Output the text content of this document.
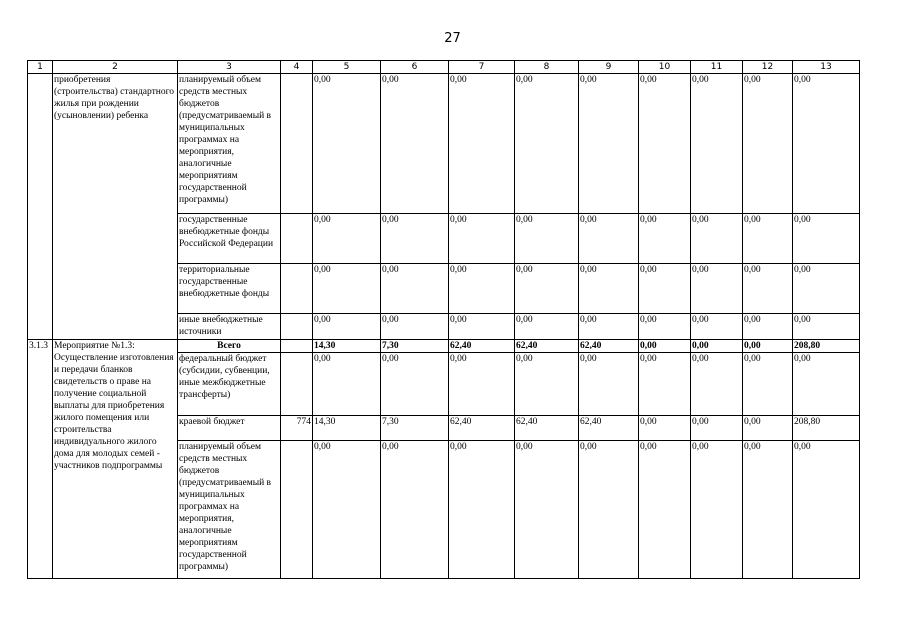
27
1	2	3	4	5	6	7	8	9	10	11	12	13
	приобретения (строительства) стандартного жилья при рождении (усыновлении) ребенка	планируемый объем средств местных бюджетов (предусматриваемый в муниципальных программах на мероприятия, аналогичные мероприятиям государственной программы)		0,00	0,00	0,00	0,00	0,00	0,00	0,00	0,00	0,00
		государственные внебюджетные фонды Российской Федерации		0,00	0,00	0,00	0,00	0,00	0,00	0,00	0,00	0,00
		территориальные государственные внебюджетные фонды		0,00	0,00	0,00	0,00	0,00	0,00	0,00	0,00	0,00
		иные внебюджетные источники		0,00	0,00	0,00	0,00	0,00	0,00	0,00	0,00	0,00
3.1.3	Мероприятие №1.3: Осуществление изготовления и передачи бланков свидетельств о праве на получение социальной выплаты для приобретения жилого помещения или строительства индивидуального жилого дома для молодых семей - участников подпрограммы	Всего		14,30	7,30	62,40	62,40	62,40	0,00	0,00	0,00	208,80
		федеральный бюджет (субсидии, субвенции, иные межбюджетные трансферты)		0,00	0,00	0,00	0,00	0,00	0,00	0,00	0,00	0,00
		краевой бюджет	774	14,30	7,30	62,40	62,40	62,40	0,00	0,00	0,00	208,80
		планируемый объем средств местных бюджетов (предусматриваемый в муниципальных программах на мероприятия, аналогичные мероприятиям государственной программы)		0,00	0,00	0,00	0,00	0,00	0,00	0,00	0,00	0,00
